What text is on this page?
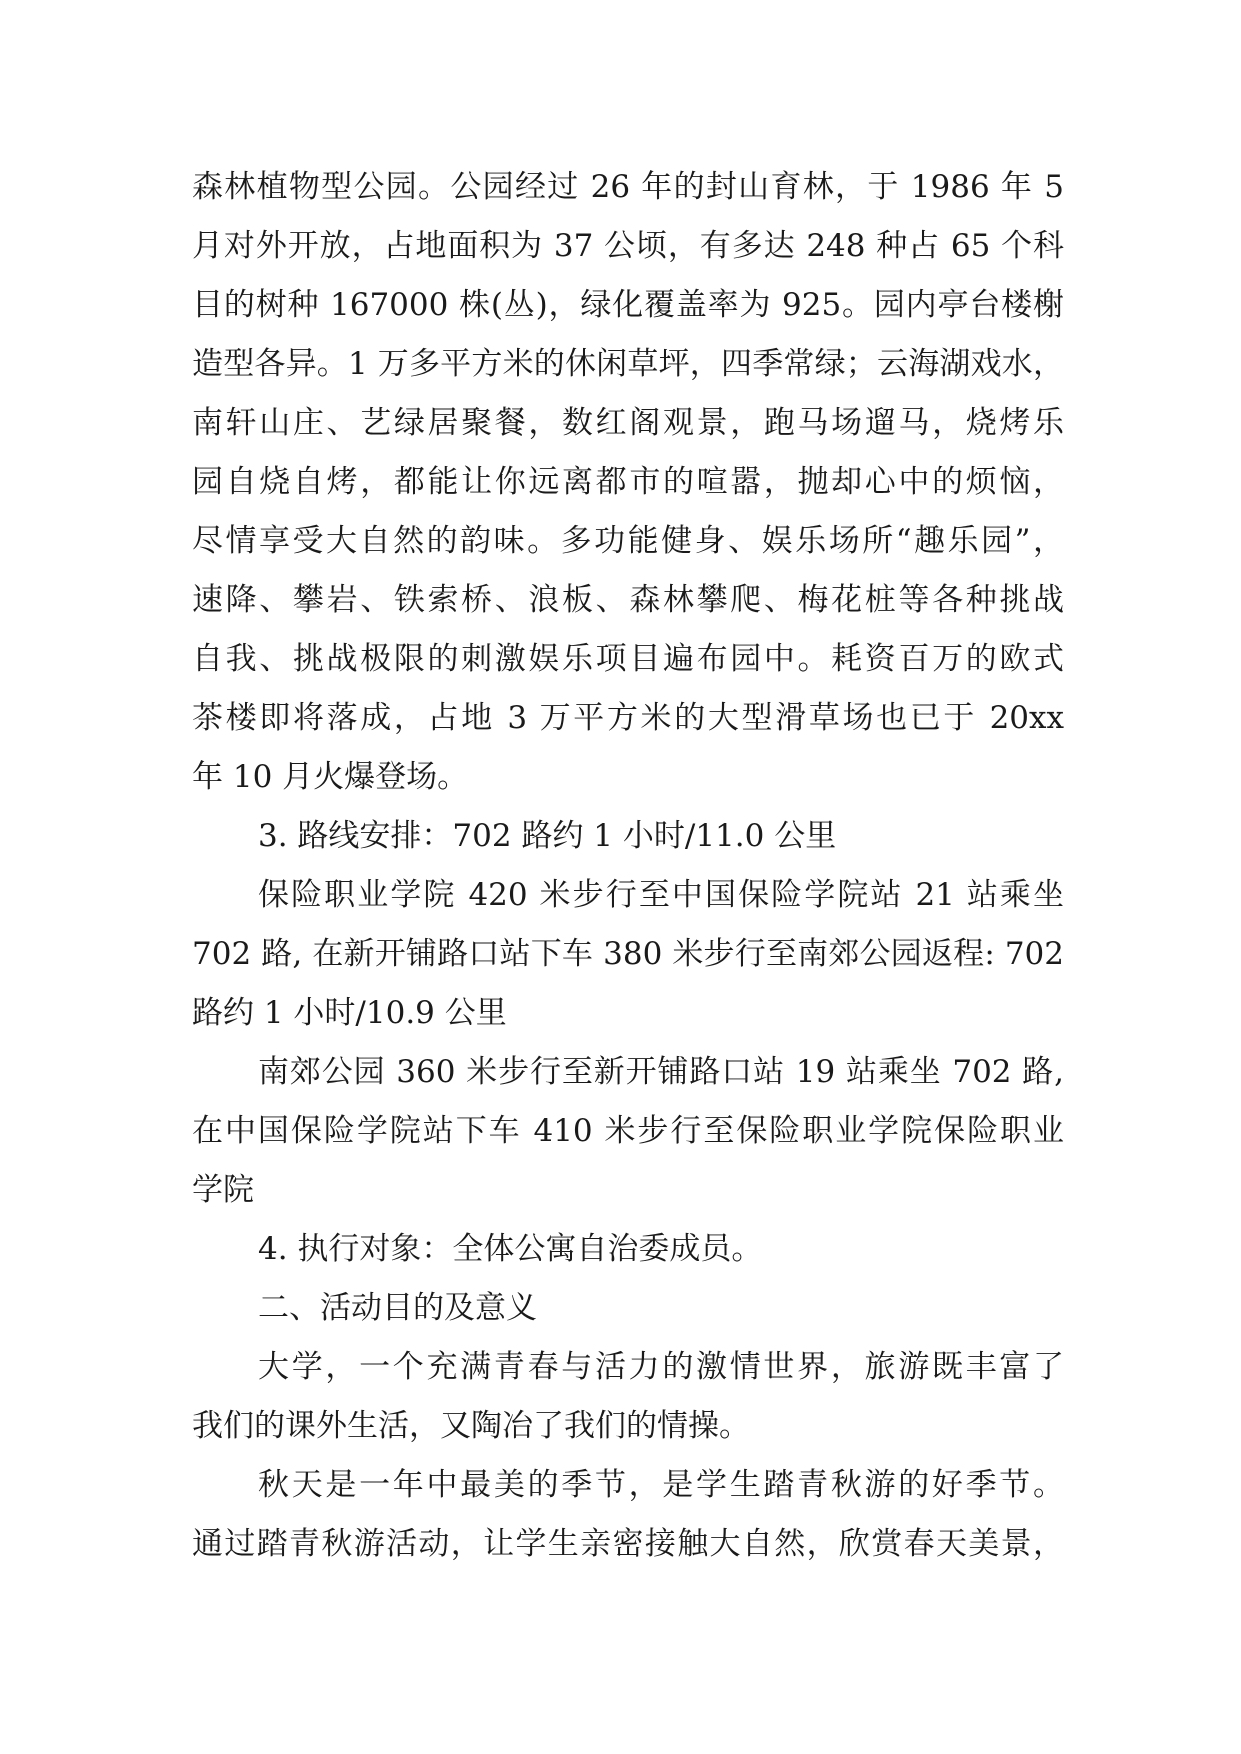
森林植物型公园。公园经过 26 年的封山育林，于 1986 年 5
月对外开放，占地面积为 37 公顷，有多达 248 种占 65 个科
目的树种 167000 株(丛)，绿化覆盖率为 925。园内亭台楼榭
造型各异。1 万多平方米的休闲草坪，四季常绿；云海湖戏水，
南轩山庄、艺绿居聚餐，数红阁观景，跑马场遛马，烧烤乐
园自烧自烤，都能让你远离都市的喧嚣，抛却心中的烦恼，
尽情享受大自然的韵味。多功能健身、娱乐场所“趣乐园”，
速降、攀岩、铁索桥、浪板、森林攀爬、梅花桩等各种挑战
自我、挑战极限的刺激娱乐项目遍布园中。耗资百万的欧式
茶楼即将落成，占地 3 万平方米的大型滑草场也已于 20xx
年 10 月火爆登场。
3. 路线安排：702 路约 1 小时/11.0 公里
保险职业学院 420 米步行至中国保险学院站 21 站乘坐
702 路, 在新开铺路口站下车 380 米步行至南郊公园返程: 702
路约 1 小时/10.9 公里
南郊公园 360 米步行至新开铺路口站 19 站乘坐 702 路,
在中国保险学院站下车 410 米步行至保险职业学院保险职业
学院
4. 执行对象：全体公寓自治委成员。
二、活动目的及意义
大学，一个充满青春与活力的激情世界，旅游既丰富了
我们的课外生活，又陶冶了我们的情操。
秋天是一年中最美的季节，是学生踏青秋游的好季节。
通过踏青秋游活动，让学生亲密接触大自然，欣赏春天美景，
